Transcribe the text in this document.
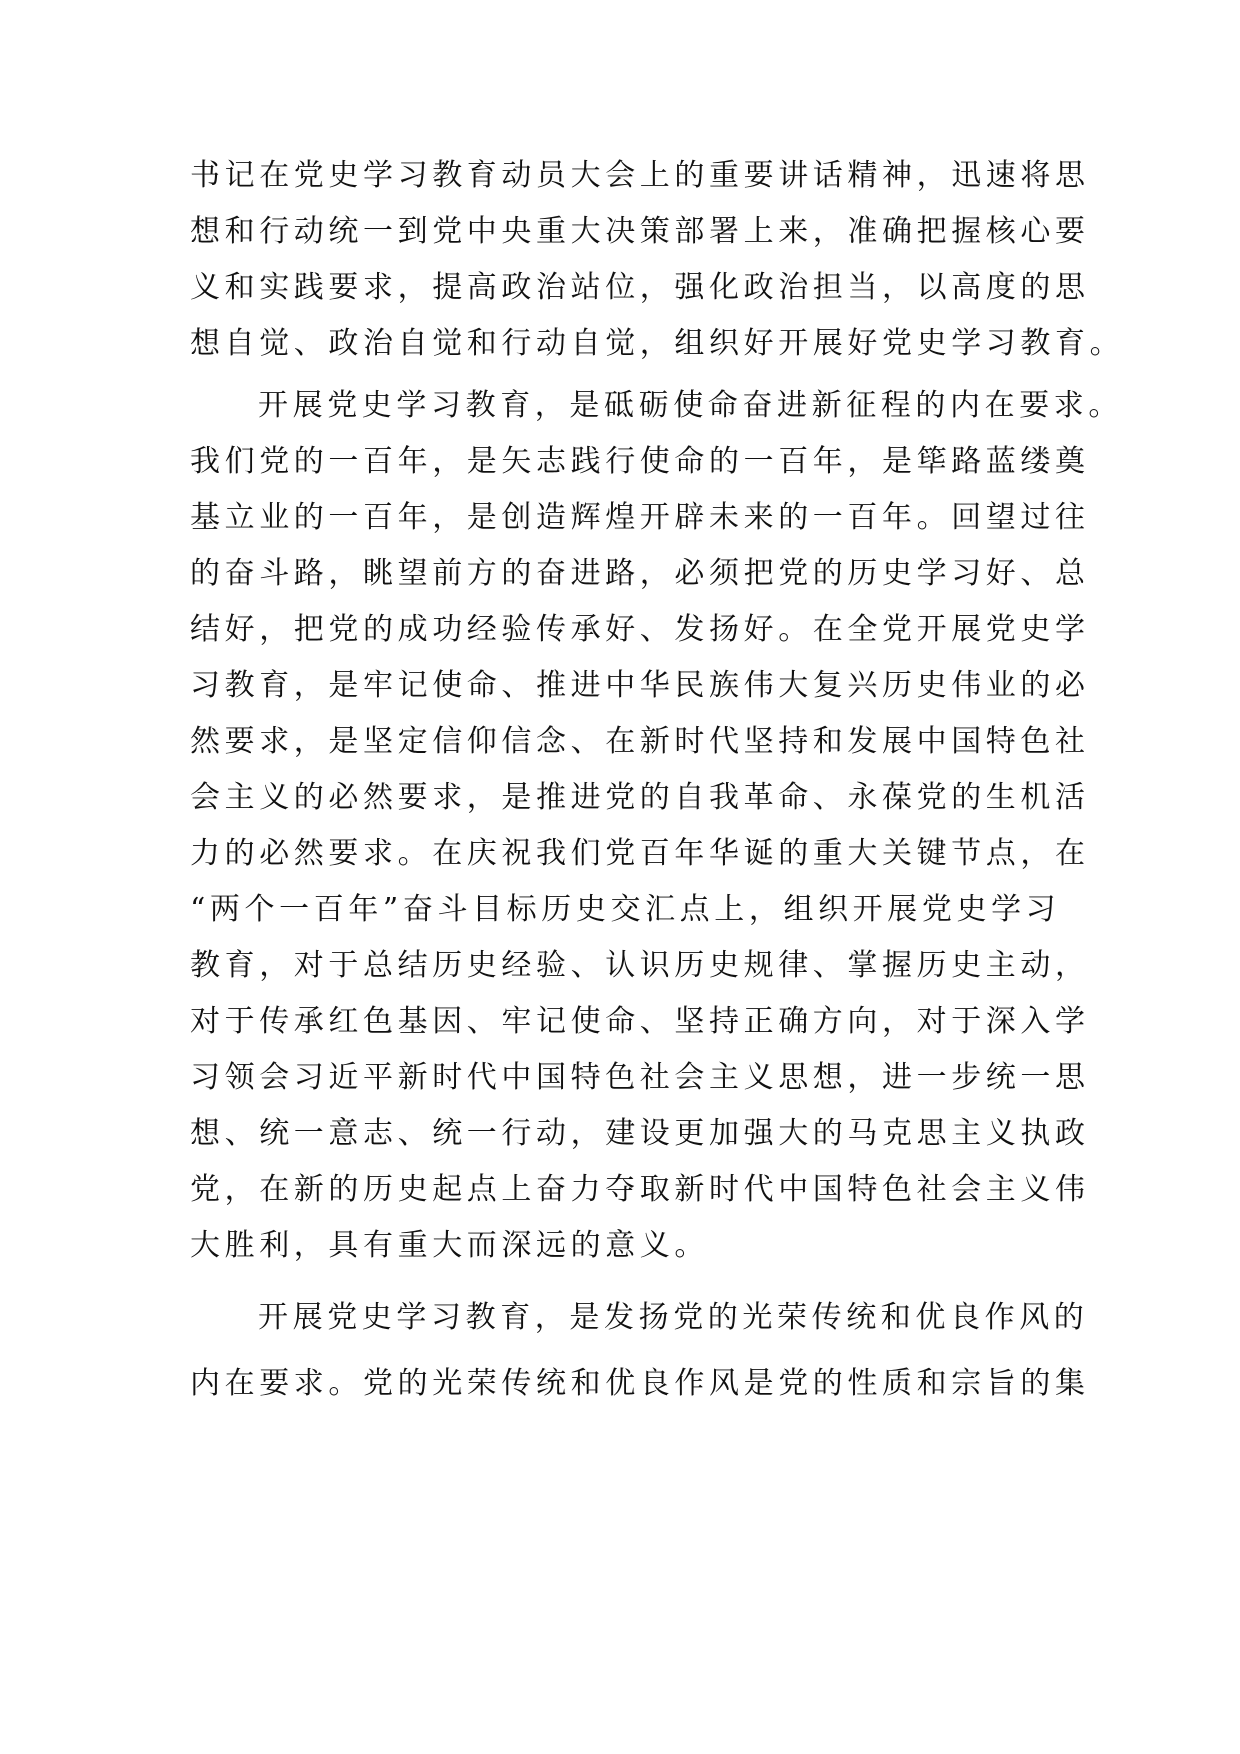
书记在党史学习教育动员大会上的重要讲话精神，迅速将思

想和行动统一到党中央重大决策部署上来，准确把握核心要

义和实践要求，提高政治站位，强化政治担当，以高度的思

想自觉、政治自觉和行动自觉，组织好开展好党史学习教育。

开展党史学习教育，是砥砺使命奋进新征程的内在要求。

我们党的一百年，是矢志践行使命的一百年，是筚路蓝缕奠

基立业的一百年，是创造辉煌开辟未来的一百年。回望过往

的奋斗路，眺望前方的奋进路，必须把党的历史学习好、总

结好，把党的成功经验传承好、发扬好。在全党开展党史学

习教育，是牢记使命、推进中华民族伟大复兴历史伟业的必

然要求，是坚定信仰信念、在新时代坚持和发展中国特色社

会主义的必然要求，是推进党的自我革命、永葆党的生机活

力的必然要求。在庆祝我们党百年华诞的重大关键节点，在

“两个一百年”奋斗目标历史交汇点上，组织开展党史学习

教育，对于总结历史经验、认识历史规律、掌握历史主动，

对于传承红色基因、牢记使命、坚持正确方向，对于深入学

习领会习近平新时代中国特色社会主义思想，进一步统一思

想、统一意志、统一行动，建设更加强大的马克思主义执政

党，在新的历史起点上奋力夺取新时代中国特色社会主义伟

大胜利，具有重大而深远的意义。

开展党史学习教育，是发扬党的光荣传统和优良作风的

内在要求。党的光荣传统和优良作风是党的性质和宗旨的集
